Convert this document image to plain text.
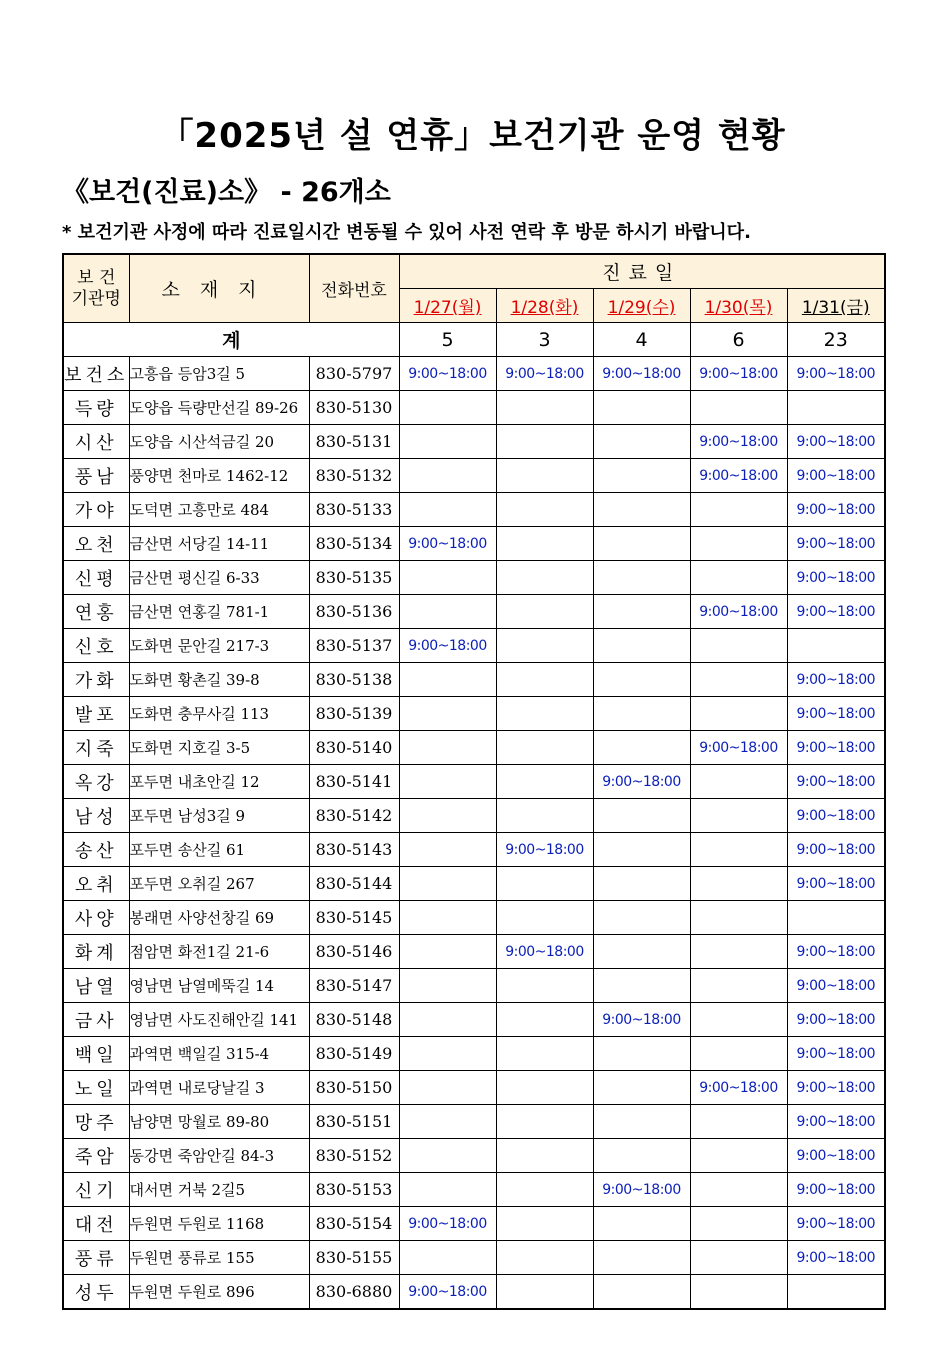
「2025년 설 연휴」보건기관 운영 현황
《보건(진료)소》 - 26개소
* 보건기관 사정에 따라 진료일시간 변동될 수 있어 사전 연락 후 방문 하시기 바랍니다.
보 건
기관명	소재지	전화번호	진료일				
			1/27(월)	1/28(화)	1/29(수)	1/30(목)	1/31(금)
계			5	3	4	6	23
보건소	고흥읍 등암3길 5	830-5797	9:00~18:00	9:00~18:00	9:00~18:00	9:00~18:00	9:00~18:00
득량	도양읍 득량만선길 89-26	830-5130					
시산	도양읍 시산석금길 20	830-5131				9:00~18:00	9:00~18:00
풍남	풍양면 천마로 1462-12	830-5132				9:00~18:00	9:00~18:00
가야	도덕면 고흥만로 484	830-5133					9:00~18:00
오천	금산면 서당길 14-11	830-5134	9:00~18:00				9:00~18:00
신평	금산면 평신길 6-33	830-5135					9:00~18:00
연홍	금산면 연홍길 781-1	830-5136				9:00~18:00	9:00~18:00
신호	도화면 문안길 217-3	830-5137	9:00~18:00				
가화	도화면 황촌길 39-8	830-5138					9:00~18:00
발포	도화면 충무사길 113	830-5139					9:00~18:00
지죽	도화면 지호길 3-5	830-5140				9:00~18:00	9:00~18:00
옥강	포두면 내초안길 12	830-5141			9:00~18:00		9:00~18:00
남성	포두면 남성3길 9	830-5142					9:00~18:00
송산	포두면 송산길 61	830-5143		9:00~18:00			9:00~18:00
오취	포두면 오취길 267	830-5144					9:00~18:00
사양	봉래면 사양선창길 69	830-5145					
화계	점암면 화전1길 21-6	830-5146		9:00~18:00			9:00~18:00
남열	영남면 남열메뚝길 14	830-5147					9:00~18:00
금사	영남면 사도진해안길 141	830-5148			9:00~18:00		9:00~18:00
백일	과역면 백일길 315-4	830-5149					9:00~18:00
노일	과역면 내로당날길 3	830-5150				9:00~18:00	9:00~18:00
망주	남양면 망월로 89-80	830-5151					9:00~18:00
죽암	동강면 죽암안길 84-3	830-5152					9:00~18:00
신기	대서면 거북 2길5	830-5153			9:00~18:00		9:00~18:00
대전	두원면 두원로 1168	830-5154	9:00~18:00				9:00~18:00
풍류	두원면 풍류로 155	830-5155					9:00~18:00
성두	두원면 두원로 896	830-6880	9:00~18:00				
